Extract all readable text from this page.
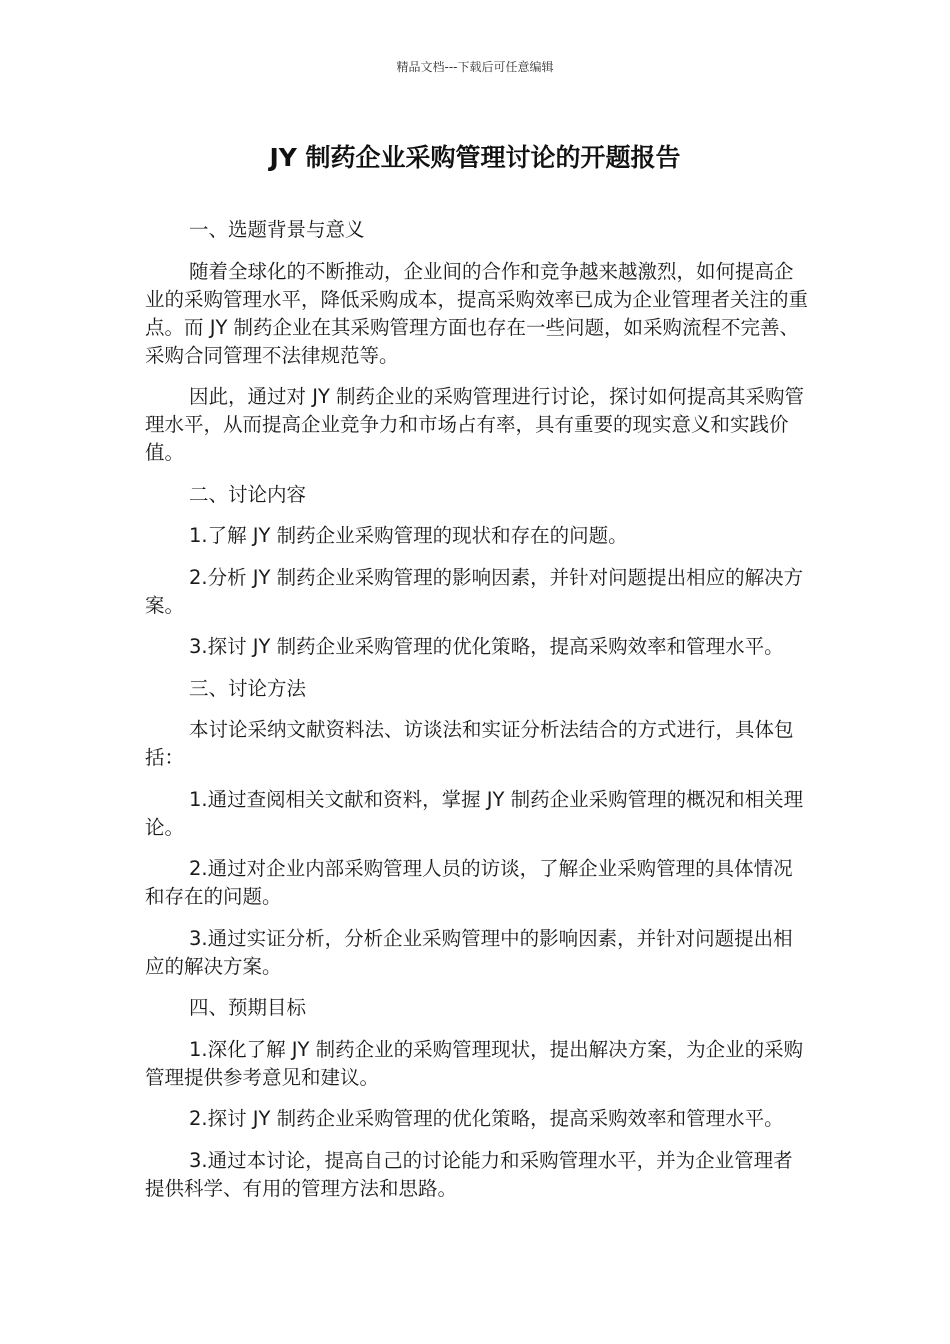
精品文档---下载后可任意编辑
JY 制药企业采购管理讨论的开题报告

一、选题背景与意义

随着全球化的不断推动，企业间的合作和竞争越来越激烈，如何提高企业的采购管理水平，降低采购成本，提高采购效率已成为企业管理者关注的重点。而 JY 制药企业在其采购管理方面也存在一些问题，如采购流程不完善、采购合同管理不法律规范等。

因此，通过对 JY 制药企业的采购管理进行讨论，探讨如何提高其采购管理水平，从而提高企业竞争力和市场占有率，具有重要的现实意义和实践价值。

二、讨论内容

1.了解 JY 制药企业采购管理的现状和存在的问题。

2.分析 JY 制药企业采购管理的影响因素，并针对问题提出相应的解决方案。

3.探讨 JY 制药企业采购管理的优化策略，提高采购效率和管理水平。

三、讨论方法

本讨论采纳文献资料法、访谈法和实证分析法结合的方式进行，具体包括：

1.通过查阅相关文献和资料，掌握 JY 制药企业采购管理的概况和相关理论。

2.通过对企业内部采购管理人员的访谈，了解企业采购管理的具体情况和存在的问题。

3.通过实证分析，分析企业采购管理中的影响因素，并针对问题提出相应的解决方案。

四、预期目标

1.深化了解 JY 制药企业的采购管理现状，提出解决方案，为企业的采购管理提供参考意见和建议。

2.探讨 JY 制药企业采购管理的优化策略，提高采购效率和管理水平。

3.通过本讨论，提高自己的讨论能力和采购管理水平，并为企业管理者提供科学、有用的管理方法和思路。
